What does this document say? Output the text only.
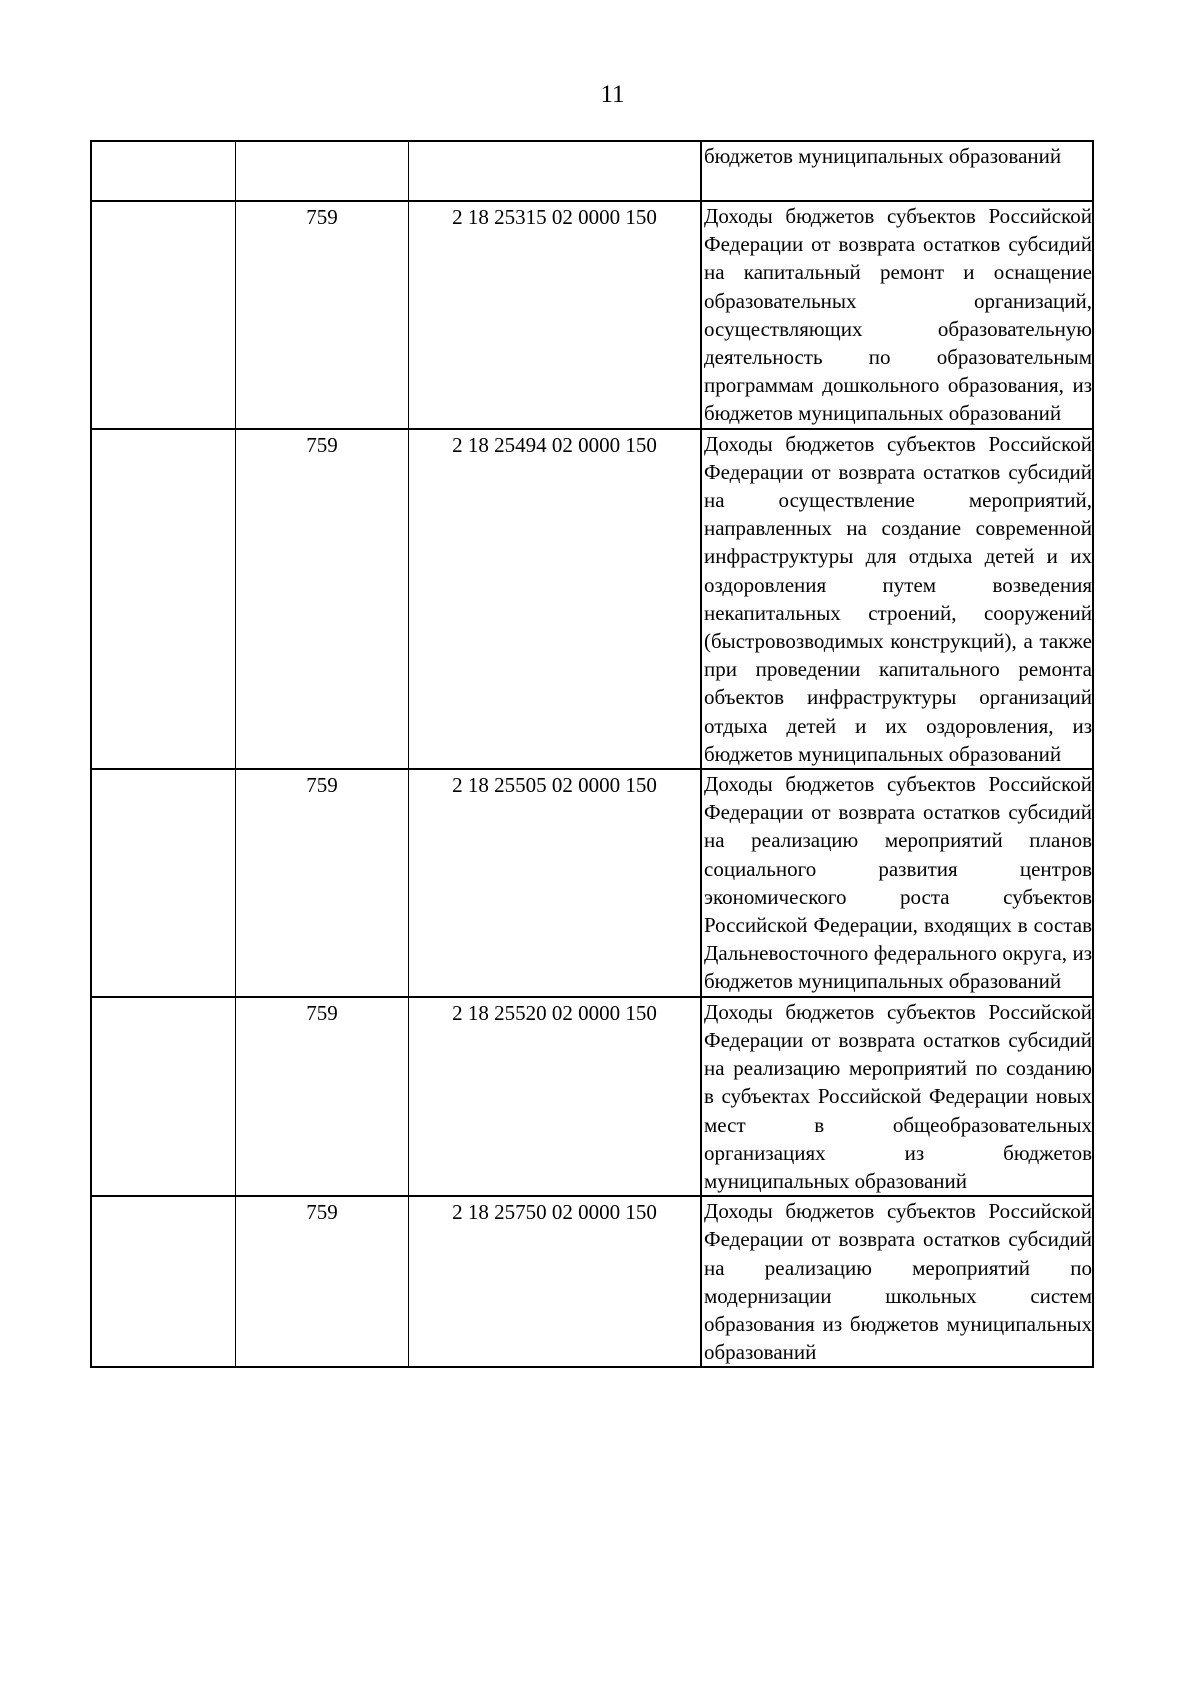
11
			бюджетов муниципальных образований
	759	2 18 25315 02 0000 150	Доходы бюджетов субъектов Российской Федерации от возврата остатков субсидий на капитальный ремонт и оснащение образовательных организаций, осуществляющих образовательную деятельность по образовательным программам дошкольного образования, из бюджетов муниципальных образований
	759	2 18 25494 02 0000 150	Доходы бюджетов субъектов Российской Федерации от возврата остатков субсидий на осуществление мероприятий, направленных на создание современной инфраструктуры для отдыха детей и их оздоровления путем возведения некапитальных строений, сооружений (быстровозводимых конструкций), а также при проведении капитального ремонта объектов инфраструктуры организаций отдыха детей и их оздоровления, из бюджетов муниципальных образований
	759	2 18 25505 02 0000 150	Доходы бюджетов субъектов Российской Федерации от возврата остатков субсидий на реализацию мероприятий планов социального развития центров экономического роста субъектов Российской Федерации, входящих в состав Дальневосточного федерального округа, из бюджетов муниципальных образований
	759	2 18 25520 02 0000 150	Доходы бюджетов субъектов Российской Федерации от возврата остатков субсидий на реализацию мероприятий по созданию в субъектах Российской Федерации новых мест в общеобразовательных организациях из бюджетов муниципальных образований
	759	2 18 25750 02 0000 150	Доходы бюджетов субъектов Российской Федерации от возврата остатков субсидий на реализацию мероприятий по модернизации школьных систем образования из бюджетов муниципальных образований
